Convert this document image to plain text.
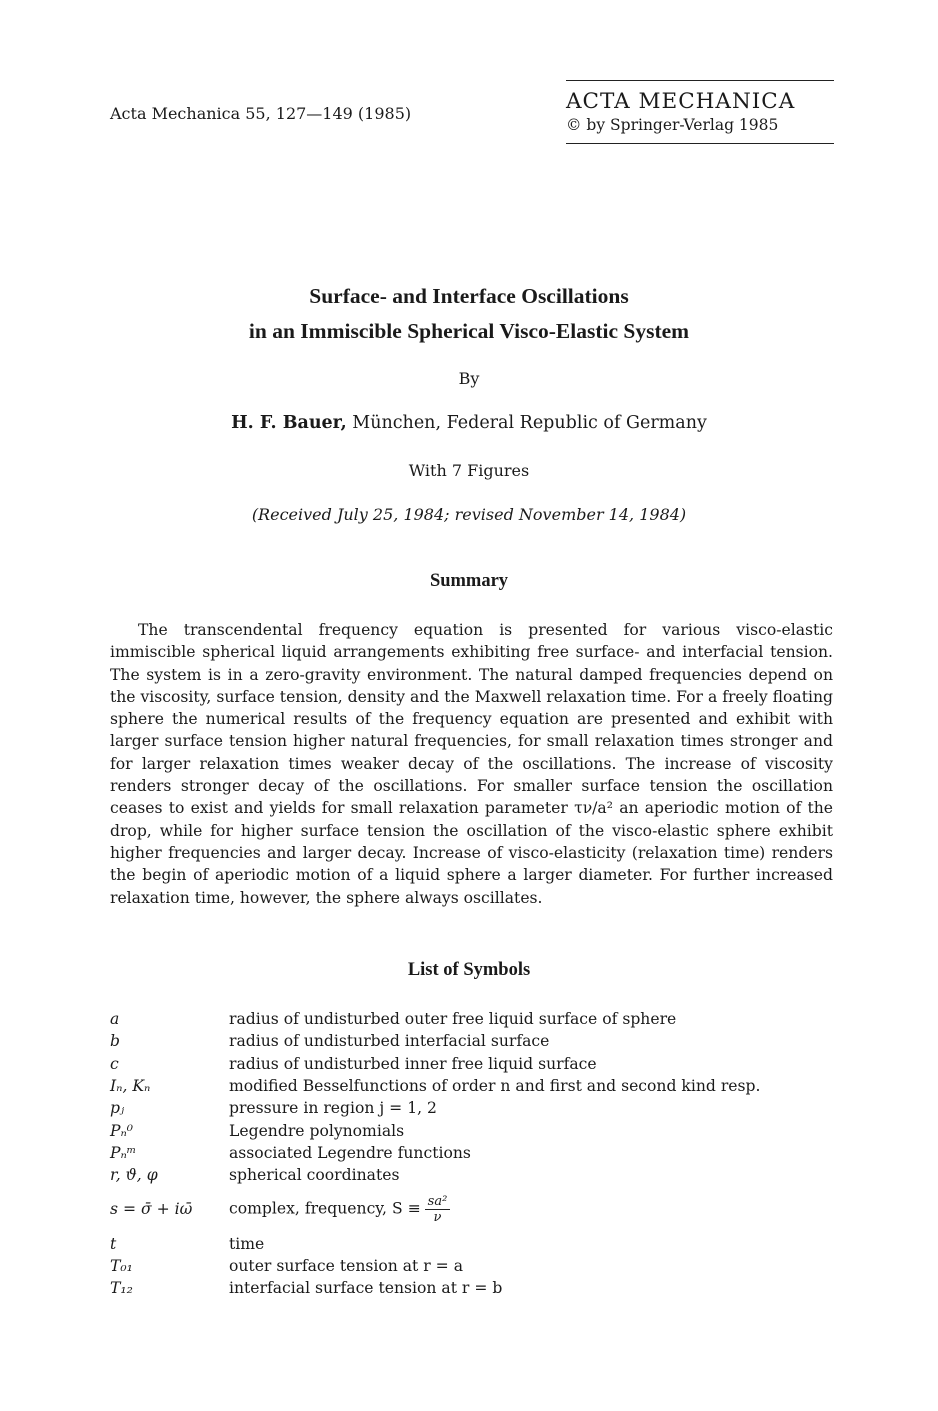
Acta Mechanica 55, 127—149 (1985)	ACTA MECHANICA
© by Springer-Verlag 1985
Surface- and Interface Oscillations
in an Immiscible Spherical Visco-Elastic System
By
H. F. Bauer, München, Federal Republic of Germany
With 7 Figures
(Received July 25, 1984; revised November 14, 1984)
Summary

The transcendental frequency equation is presented for various visco-elastic immiscible spherical liquid arrangements exhibiting free surface- and interfacial tension. The system is in a zero-gravity environment. The natural damped frequencies depend on the viscosity, surface tension, density and the Maxwell relaxation time. For a freely floating sphere the numerical results of the frequency equation are presented and exhibit with larger surface tension higher natural frequencies, for small relaxation times stronger and for larger relaxation times weaker decay of the oscillations. The increase of viscosity renders stronger decay of the oscillations. For smaller surface tension the oscillation ceases to exist and yields for small relaxation parameter τν/a² an aperiodic motion of the drop, while for higher surface tension the oscillation of the visco-elastic sphere exhibit higher frequencies and larger decay. Increase of visco-elasticity (relaxation time) renders the begin of aperiodic motion of a liquid sphere a larger diameter. For further increased relaxation time, however, the sphere always oscillates.

List of Symbols
a	radius of undisturbed outer free liquid surface of sphere
b	radius of undisturbed interfacial surface
c	radius of undisturbed inner free liquid surface
Iₙ, Kₙ	modified Besselfunctions of order n and first and second kind resp.
pⱼ	pressure in region j = 1, 2
Pₙ⁰	Legendre polynomials
Pₙᵐ	associated Legendre functions
r, ϑ, φ	spherical coordinates
s = σ̄ + iω̄	complex, frequency, $S \equiv \frac{\text{sa²}}{\nu}$

t	time
T₀₁	outer surface tension at r = a
T₁₂	interfacial surface tension at r = b
